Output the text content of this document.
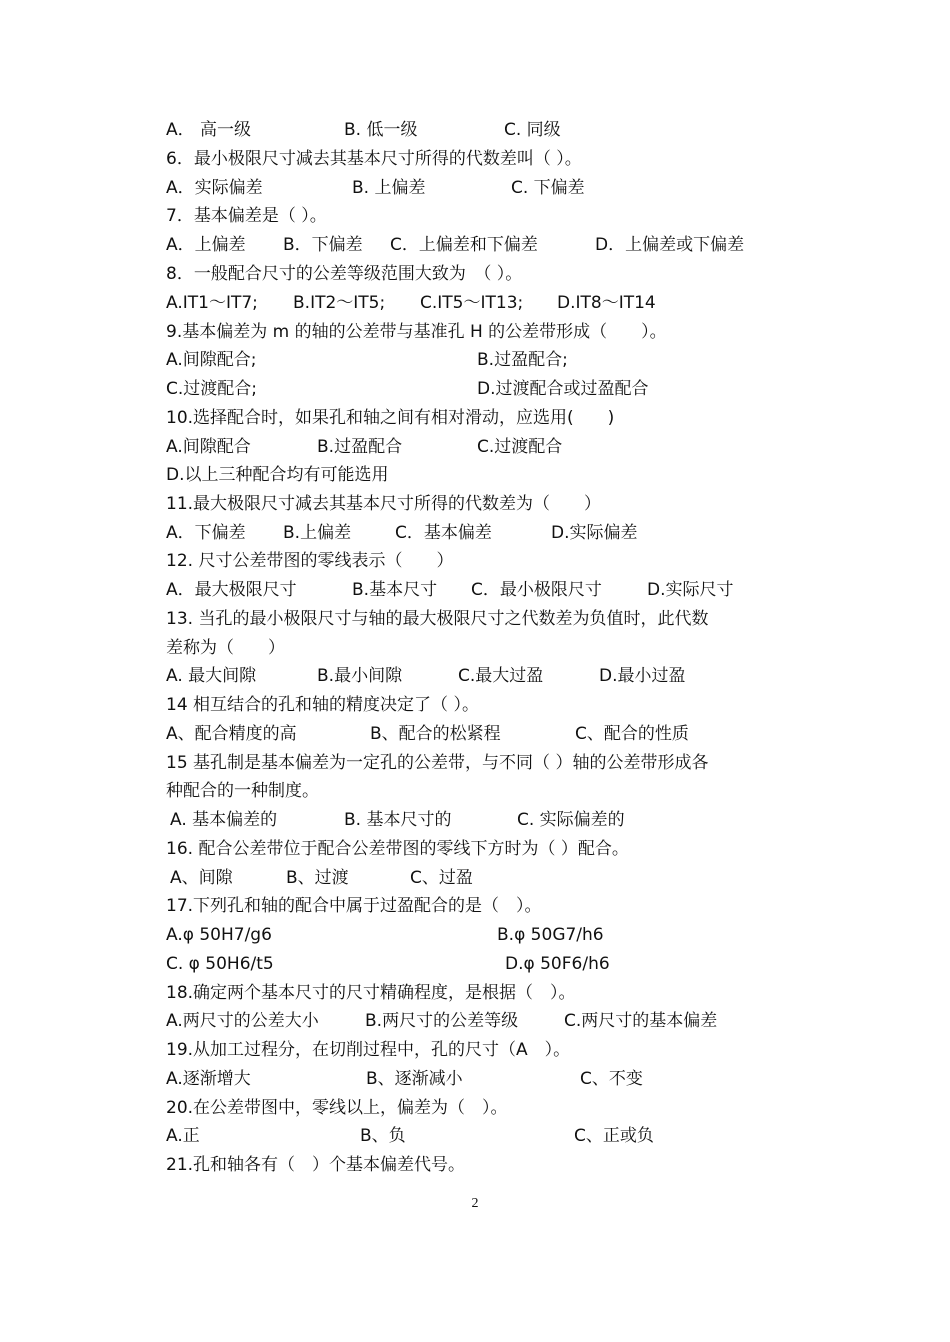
A． 高一级	B. 低一级	C. 同级
6．最小极限尺寸减去其基本尺寸所得的代数差叫（ ）。
A．实际偏差	B. 上偏差	C. 下偏差
7．基本偏差是（ ）。
A．上偏差 B．下偏差 C．上偏差和下偏差	D．上偏差或下偏差
8．一般配合尺寸的公差等级范围大致为　（ ）。
A.IT1～IT7; B.IT2～IT5; C.IT5～IT13; D.IT8～IT14
9.基本偏差为 m 的轴的公差带与基准孔 H 的公差带形成（　　）。
A.间隙配合;	B.过盈配合;
C.过渡配合;	D.过渡配合或过盈配合
10.选择配合时，如果孔和轴之间有相对滑动，应选用(　　)
A.间隙配合	B.过盈配合	C.过渡配合
D.以上三种配合均有可能选用
11.最大极限尺寸减去其基本尺寸所得的代数差为（　　）
A．下偏差 B.上偏差	C．基本偏差	D.实际偏差
12. 尺寸公差带图的零线表示（　　）
A．最大极限尺寸	B.基本尺寸 C．最小极限尺寸	D.实际尺寸
13. 当孔的最小极限尺寸与轴的最大极限尺寸之代数差为负值时，此代数
差称为（　　）
A. 最大间隙	B.最小间隙	C.最大过盈	D.最小过盈
14 相互结合的孔和轴的精度决定了（ ）。
A、配合精度的高	B、配合的松紧程	C、配合的性质
15 基孔制是基本偏差为一定孔的公差带，与不同（ ）轴的公差带形成各
种配合的一种制度。
A. 基本偏差的	B. 基本尺寸的	C. 实际偏差的
16. 配合公差带位于配合公差带图的零线下方时为（ ）配合。
A、间隙	B、过渡	C、过盈
17.下列孔和轴的配合中属于过盈配合的是（　）。
A.φ 50H7/g6	B.φ 50G7/h6
C. φ 50H6/t5	D.φ 50F6/h6
18.确定两个基本尺寸的尺寸精确程度，是根据（　）。
A.两尺寸的公差大小	B.两尺寸的公差等级	C.两尺寸的基本偏差
19.从加工过程分，在切削过程中，孔的尺寸（A　）。
A.逐渐增大	B、逐渐减小	C、不变
20.在公差带图中，零线以上，偏差为（　）。
A.正	B、负	C、正或负
21.孔和轴各有（　）个基本偏差代号。
2
